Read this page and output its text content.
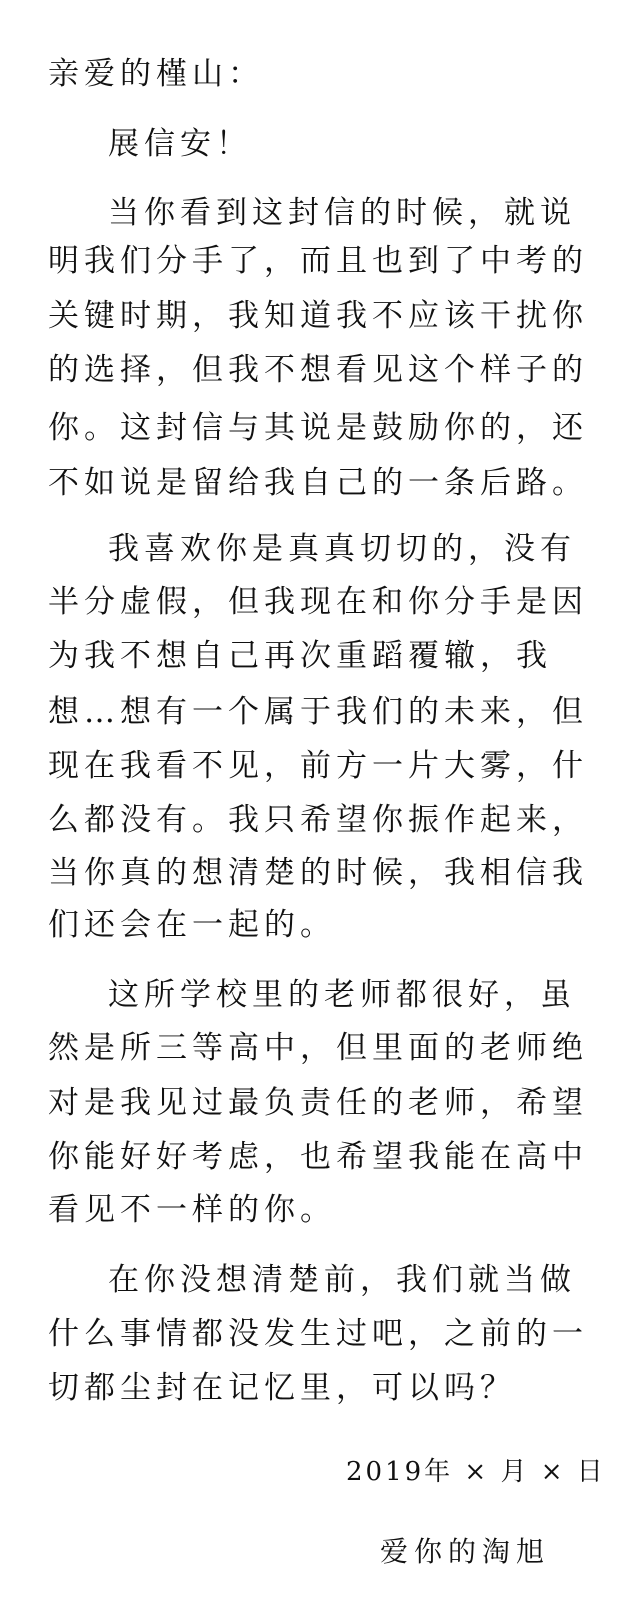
亲爱的槿山：
展信安！
当你看到这封信的时候，就说
明我们分手了，而且也到了中考的
关键时期，我知道我不应该干扰你
的选择，但我不想看见这个样子的
你。这封信与其说是鼓励你的，还
不如说是留给我自己的一条后路。
我喜欢你是真真切切的，没有
半分虚假，但我现在和你分手是因
为我不想自己再次重蹈覆辙，我
想…想有一个属于我们的未来，但
现在我看不见，前方一片大雾，什
么都没有。我只希望你振作起来，
当你真的想清楚的时候，我相信我
们还会在一起的。
这所学校里的老师都很好，虽
然是所三等高中，但里面的老师绝
对是我见过最负责任的老师，希望
你能好好考虑，也希望我能在高中
看见不一样的你。
在你没想清楚前，我们就当做
什么事情都没发生过吧，之前的一
切都尘封在记忆里，可以吗？
2019年 × 月 × 日
爱你的淘旭
